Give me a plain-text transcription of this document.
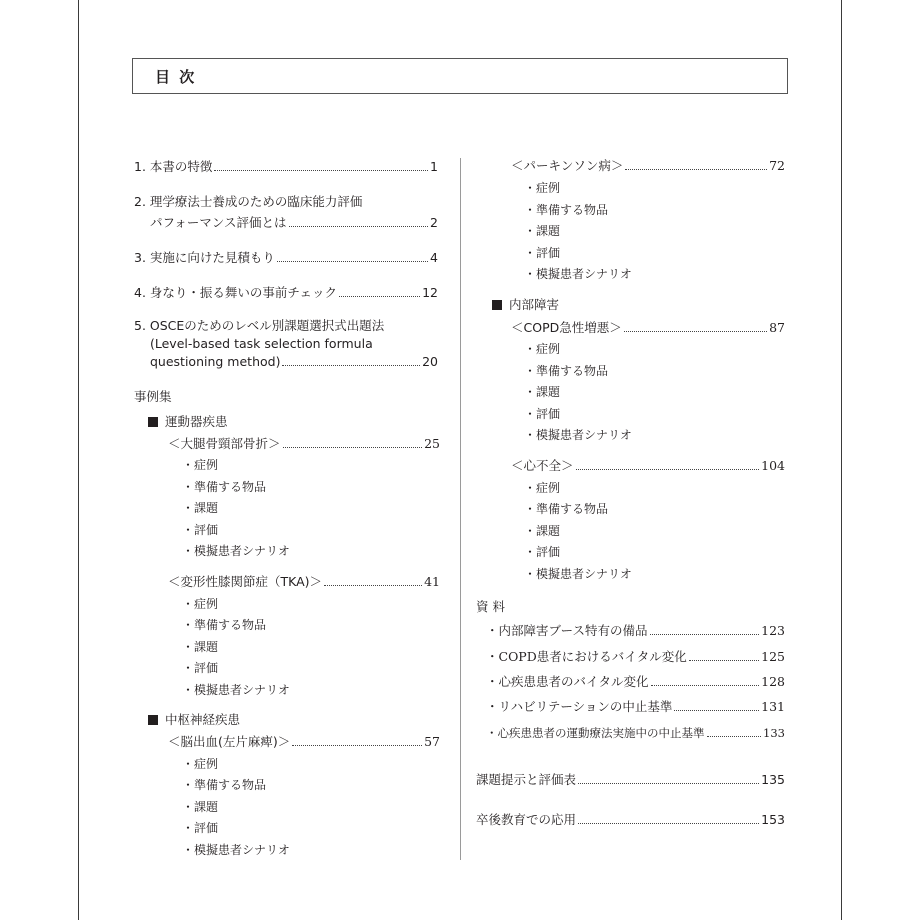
目 次
1. 本書の特徴	1
2. 理学療法士養成のための臨床能力評価
パフォーマンス評価とは	2
3. 実施に向けた見積もり	4
4. 身なり・振る舞いの事前チェック	12
5. OSCEのためのレベル別課題選択式出題法
(Level-based task selection formula
questioning method)	20
事例集
運動器疾患
＜大腿骨頸部骨折＞	25
・症例
・準備する物品
・課題
・評価
・模擬患者シナリオ
＜変形性膝関節症（TKA)＞	41
・症例
・準備する物品
・課題
・評価
・模擬患者シナリオ
中枢神経疾患
＜脳出血(左片麻痺)＞	57
・症例
・準備する物品
・課題
・評価
・模擬患者シナリオ
＜パーキンソン病＞	72
・症例
・準備する物品
・課題
・評価
・模擬患者シナリオ
内部障害
＜COPD急性増悪＞	87
・症例
・準備する物品
・課題
・評価
・模擬患者シナリオ
＜心不全＞	104
・症例
・準備する物品
・課題
・評価
・模擬患者シナリオ
資 料
・内部障害ブース特有の備品	123
・COPD患者におけるバイタル変化	125
・心疾患患者のバイタル変化	128
・リハビリテーションの中止基準	131
・心疾患患者の運動療法実施中の中止基準	133
課題提示と評価表	135
卒後教育での応用	153
